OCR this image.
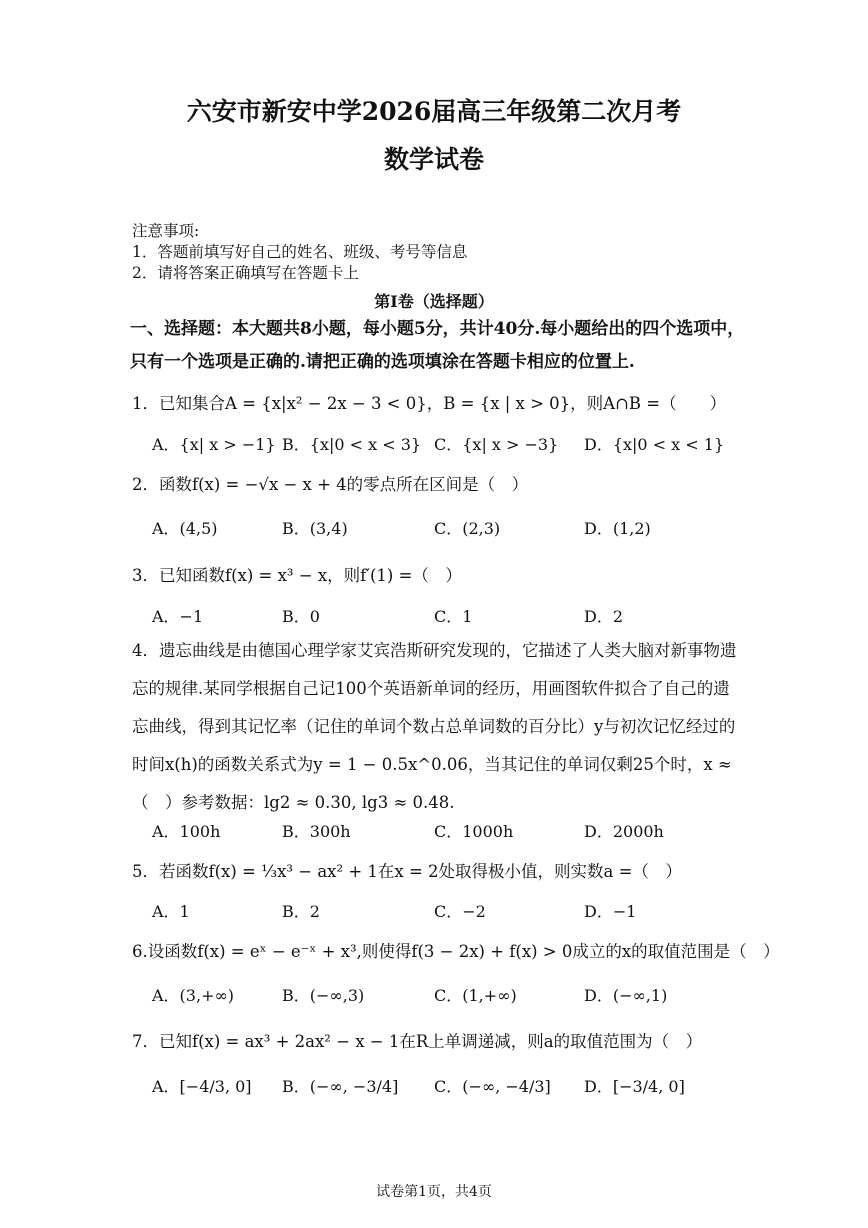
六安市新安中学2026届高三年级第二次月考
数学试卷
注意事项:
1．答题前填写好自己的姓名、班级、考号等信息
2．请将答案正确填写在答题卡上
第Ⅰ卷（选择题）
一、选择题：本大题共8小题，每小题5分，共计40分.每小题给出的四个选项中，只有一个选项是正确的.请把正确的选项填涂在答题卡相应的位置上.
1．已知集合A = {x|x² − 2x − 3 < 0}，B = {x | x > 0}，则A∩B =（　　）
A．{x| x > −1} B．{x|0 < x < 3} C．{x| x > −3} D．{x|0 < x < 1}
2．函数f(x) = −√x − x + 4的零点所在区间是（　）
A．(4,5)	B．(3,4)	C．(2,3)	D．(1,2)
3．已知函数f(x) = x³ − x，则f′(1) =（　）
A．−1	B．0	C．1	D．2
4．遗忘曲线是由德国心理学家艾宾浩斯研究发现的，它描述了人类大脑对新事物遗忘的规律.某同学根据自己记100个英语新单词的经历，用画图软件拟合了自己的遗忘曲线，得到其记忆率（记住的单词个数占总单词数的百分比）y与初次记忆经过的时间x(h)的函数关系式为y = 1 − 0.5x^0.06，当其记住的单词仅剩25个时，x ≈（　）参考数据：lg2 ≈ 0.30, lg3 ≈ 0.48.
A．100h	B．300h	C．1000h	D．2000h
5．若函数f(x) = ⅓x³ − ax² + 1在x = 2处取得极小值，则实数a =（　）
A．1	B．2	C．−2	D．−1
6.设函数f(x) = eˣ − e⁻ˣ + x³,则使得f(3 − 2x) + f(x) > 0成立的x的取值范围是（　）
A．(3,+∞)	B．(−∞,3)	C．(1,+∞)	D．(−∞,1)
7．已知f(x) = ax³ + 2ax² − x − 1在R上单调递减，则a的取值范围为（　）
A．[−4/3, 0] B．(−∞, −3/4] C．(−∞, −4/3] D．[−3/4, 0]
试卷第1页，共4页
